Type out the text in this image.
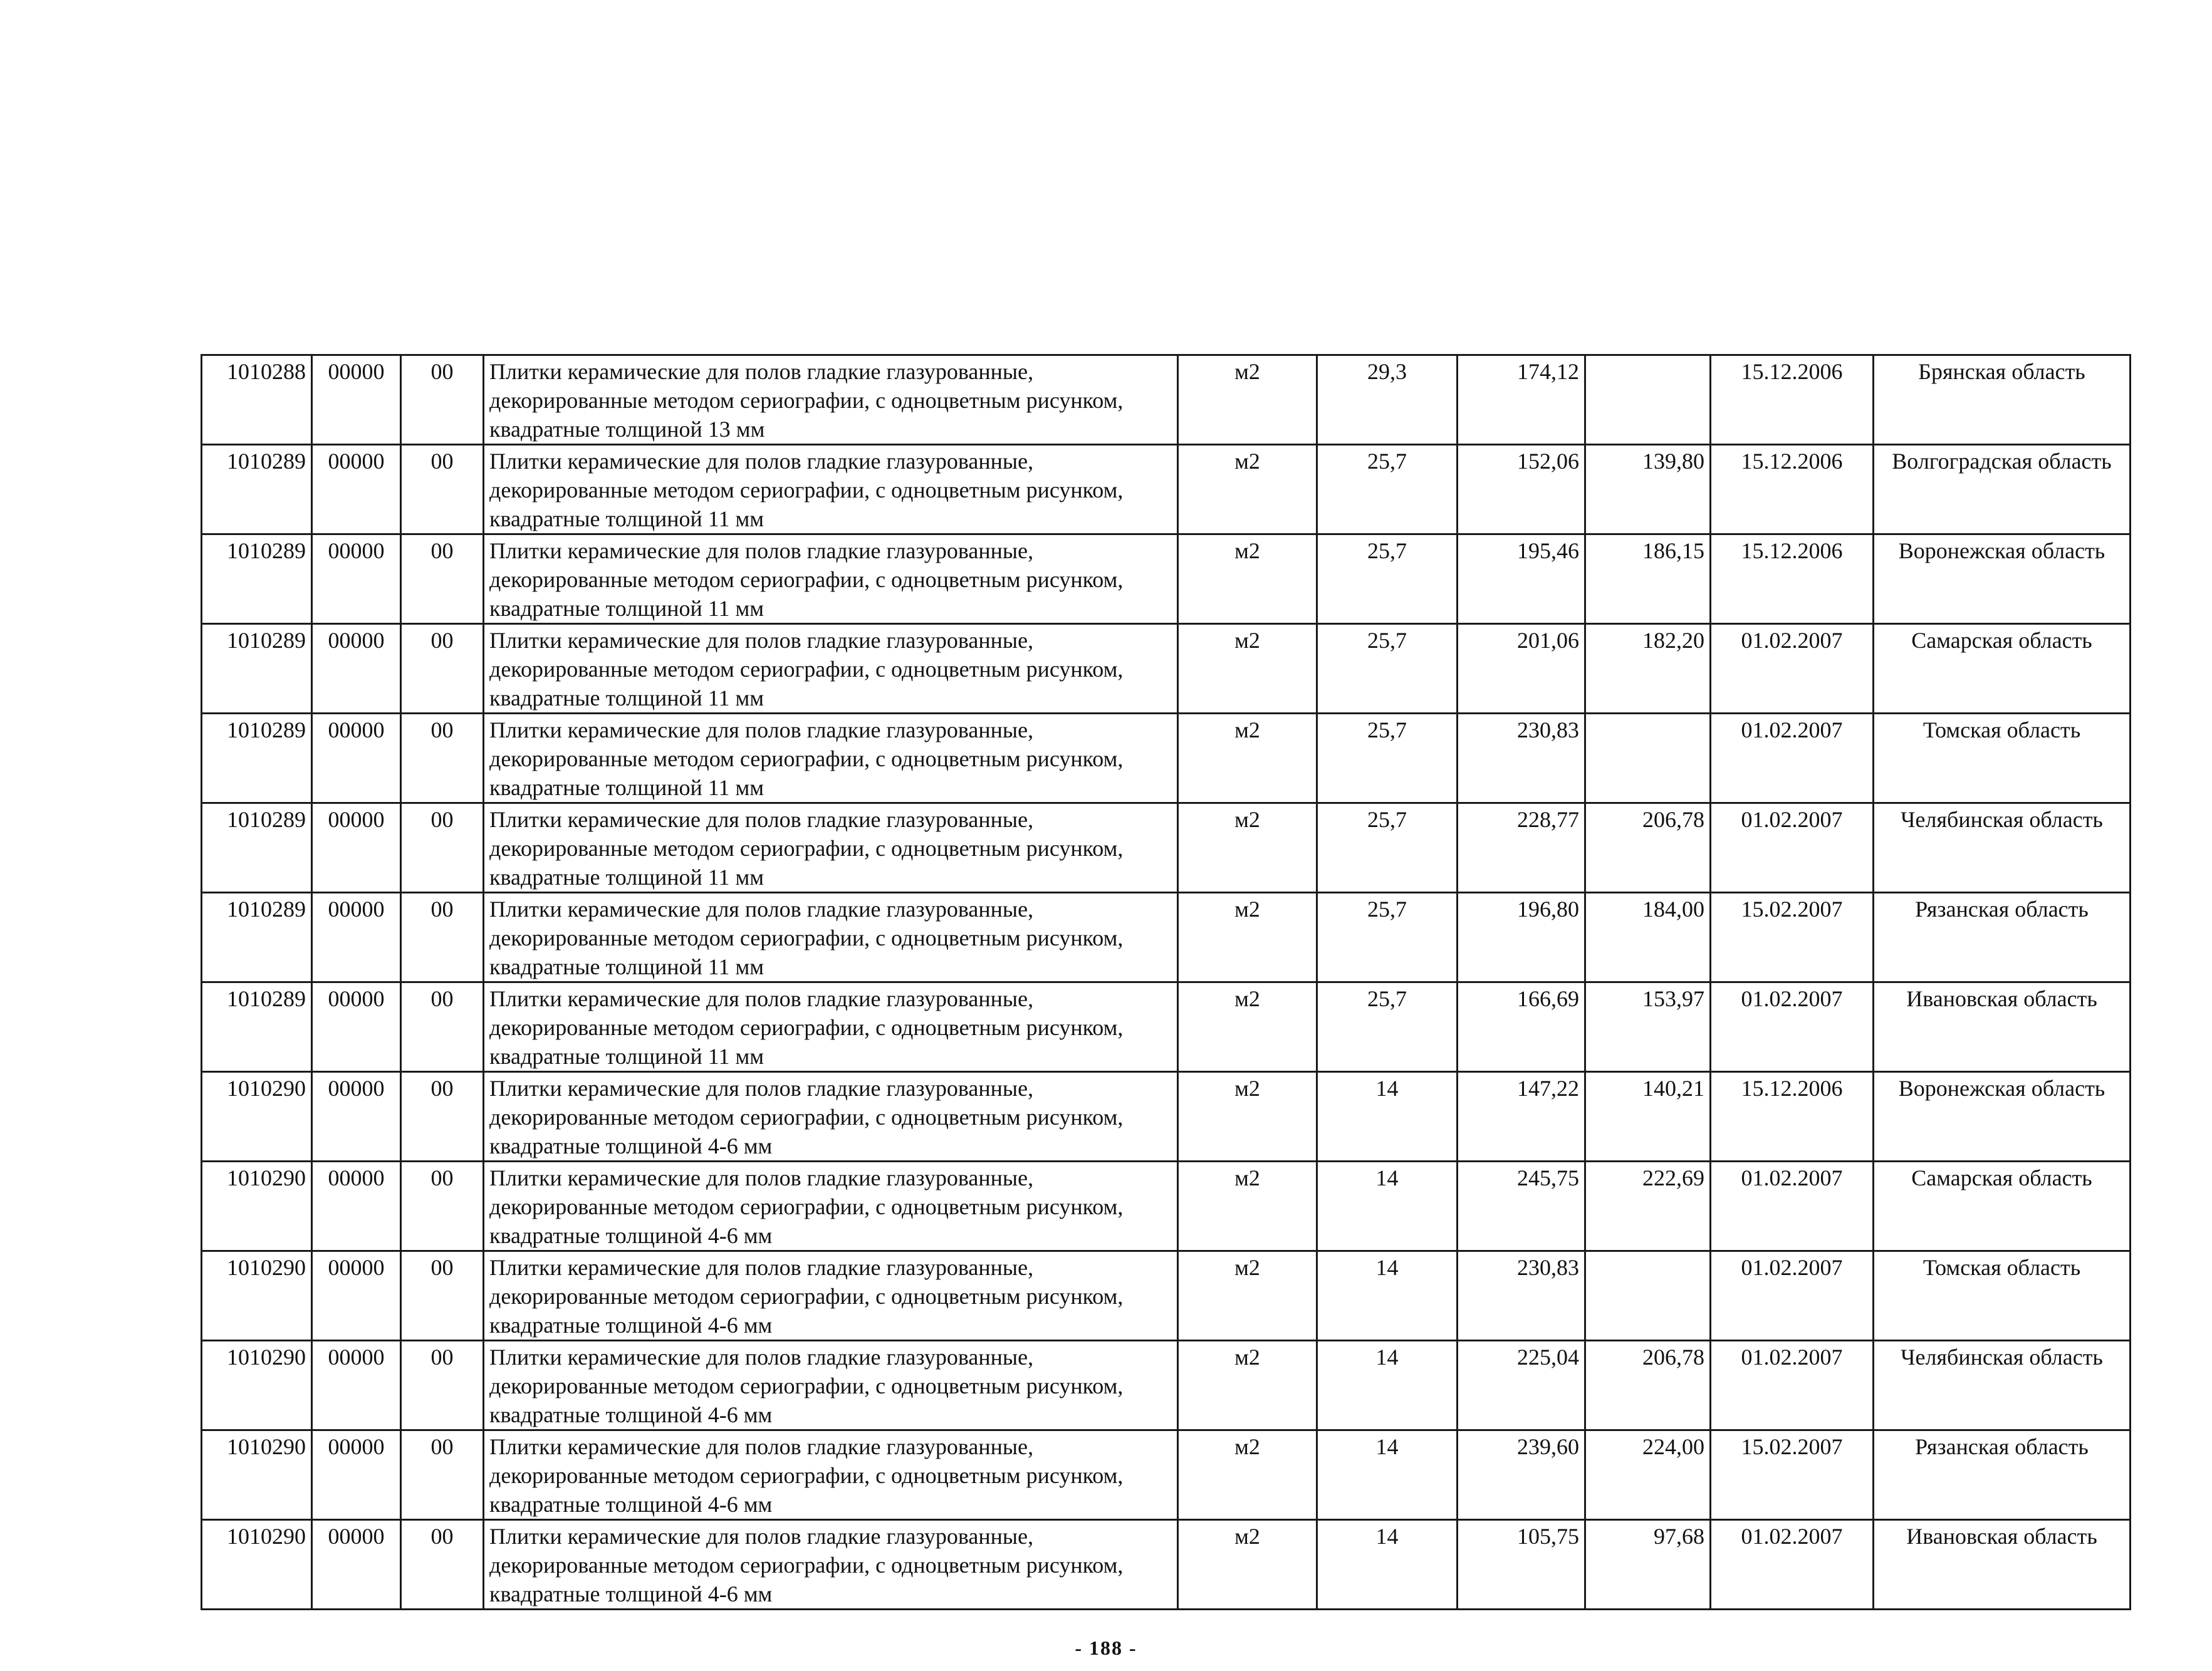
1010288	00000	00	Плитки керамические для полов гладкие глазурованные, декорированные методом сериографии, с одноцветным рисунком, квадратные толщиной 13 мм	м2	29,3	174,12		15.12.2006	Брянская область
1010289	00000	00	Плитки керамические для полов гладкие глазурованные, декорированные методом сериографии, с одноцветным рисунком, квадратные толщиной 11 мм	м2	25,7	152,06	139,80	15.12.2006	Волгоградская область
1010289	00000	00	Плитки керамические для полов гладкие глазурованные, декорированные методом сериографии, с одноцветным рисунком, квадратные толщиной 11 мм	м2	25,7	195,46	186,15	15.12.2006	Воронежская область
1010289	00000	00	Плитки керамические для полов гладкие глазурованные, декорированные методом сериографии, с одноцветным рисунком, квадратные толщиной 11 мм	м2	25,7	201,06	182,20	01.02.2007	Самарская область
1010289	00000	00	Плитки керамические для полов гладкие глазурованные, декорированные методом сериографии, с одноцветным рисунком, квадратные толщиной 11 мм	м2	25,7	230,83		01.02.2007	Томская область
1010289	00000	00	Плитки керамические для полов гладкие глазурованные, декорированные методом сериографии, с одноцветным рисунком, квадратные толщиной 11 мм	м2	25,7	228,77	206,78	01.02.2007	Челябинская область
1010289	00000	00	Плитки керамические для полов гладкие глазурованные, декорированные методом сериографии, с одноцветным рисунком, квадратные толщиной 11 мм	м2	25,7	196,80	184,00	15.02.2007	Рязанская область
1010289	00000	00	Плитки керамические для полов гладкие глазурованные, декорированные методом сериографии, с одноцветным рисунком, квадратные толщиной 11 мм	м2	25,7	166,69	153,97	01.02.2007	Ивановская область
1010290	00000	00	Плитки керамические для полов гладкие глазурованные, декорированные методом сериографии, с одноцветным рисунком, квадратные толщиной 4-6 мм	м2	14	147,22	140,21	15.12.2006	Воронежская область
1010290	00000	00	Плитки керамические для полов гладкие глазурованные, декорированные методом сериографии, с одноцветным рисунком, квадратные толщиной 4-6 мм	м2	14	245,75	222,69	01.02.2007	Самарская область
1010290	00000	00	Плитки керамические для полов гладкие глазурованные, декорированные методом сериографии, с одноцветным рисунком, квадратные толщиной 4-6 мм	м2	14	230,83		01.02.2007	Томская область
1010290	00000	00	Плитки керамические для полов гладкие глазурованные, декорированные методом сериографии, с одноцветным рисунком, квадратные толщиной 4-6 мм	м2	14	225,04	206,78	01.02.2007	Челябинская область
1010290	00000	00	Плитки керамические для полов гладкие глазурованные, декорированные методом сериографии, с одноцветным рисунком, квадратные толщиной 4-6 мм	м2	14	239,60	224,00	15.02.2007	Рязанская область
1010290	00000	00	Плитки керамические для полов гладкие глазурованные, декорированные методом сериографии, с одноцветным рисунком, квадратные толщиной 4-6 мм	м2	14	105,75	97,68	01.02.2007	Ивановская область
- 188 -
